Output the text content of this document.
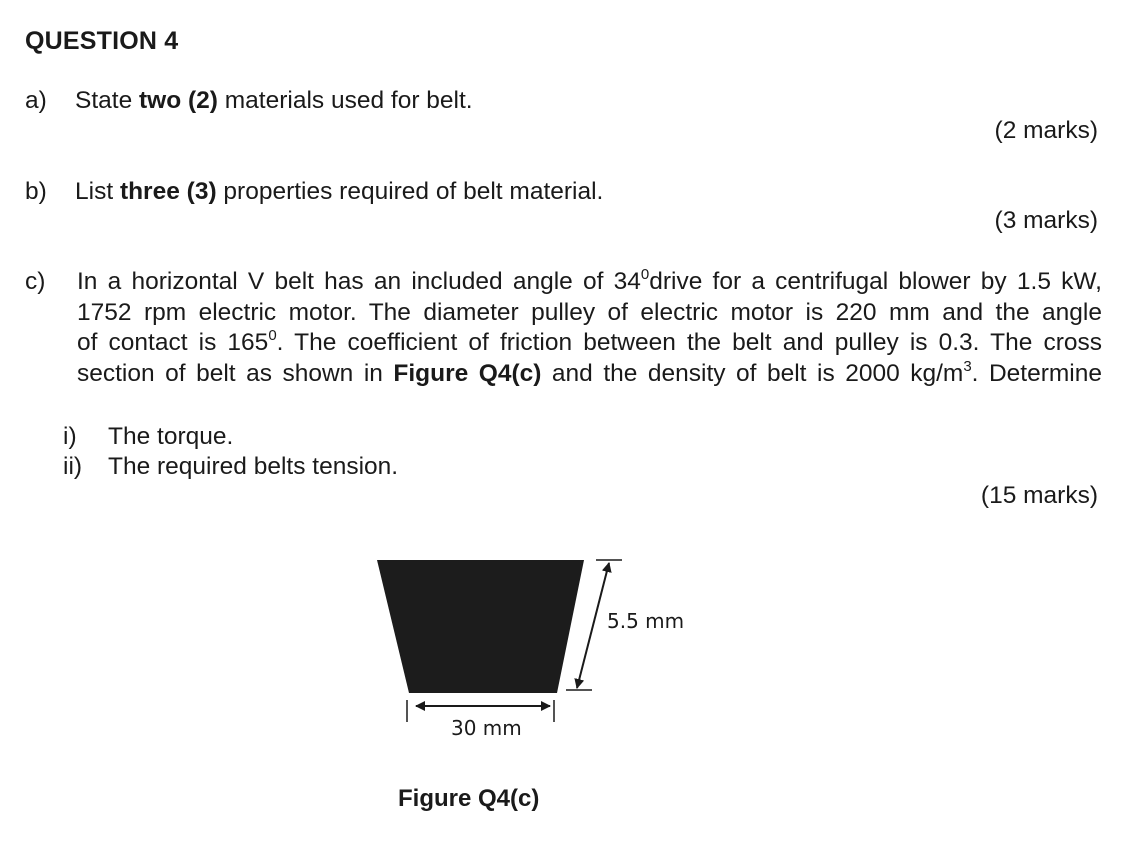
QUESTION 4
a) State two (2) materials used for belt.
(2 marks)
b) List three (3) properties required of belt material.
(3 marks)
c) In a horizontal V belt has an included angle of $34^0drive$ for a centrifugal blower by 1.5 kW,
1752 rpm electric motor. The diameter pulley of electric motor is 220 mm and the angle
of contact is $165^0$. The coefficient of friction between the belt and pulley is 0.3. The cross
section of belt as shown in Figure Q4(c) and the density of belt is 2000 $kg/m^3$. Determine
i) The torque.
ii) The required belts tension.
(15 marks)
5.5 mm
30 mm
Figure Q4(c)
